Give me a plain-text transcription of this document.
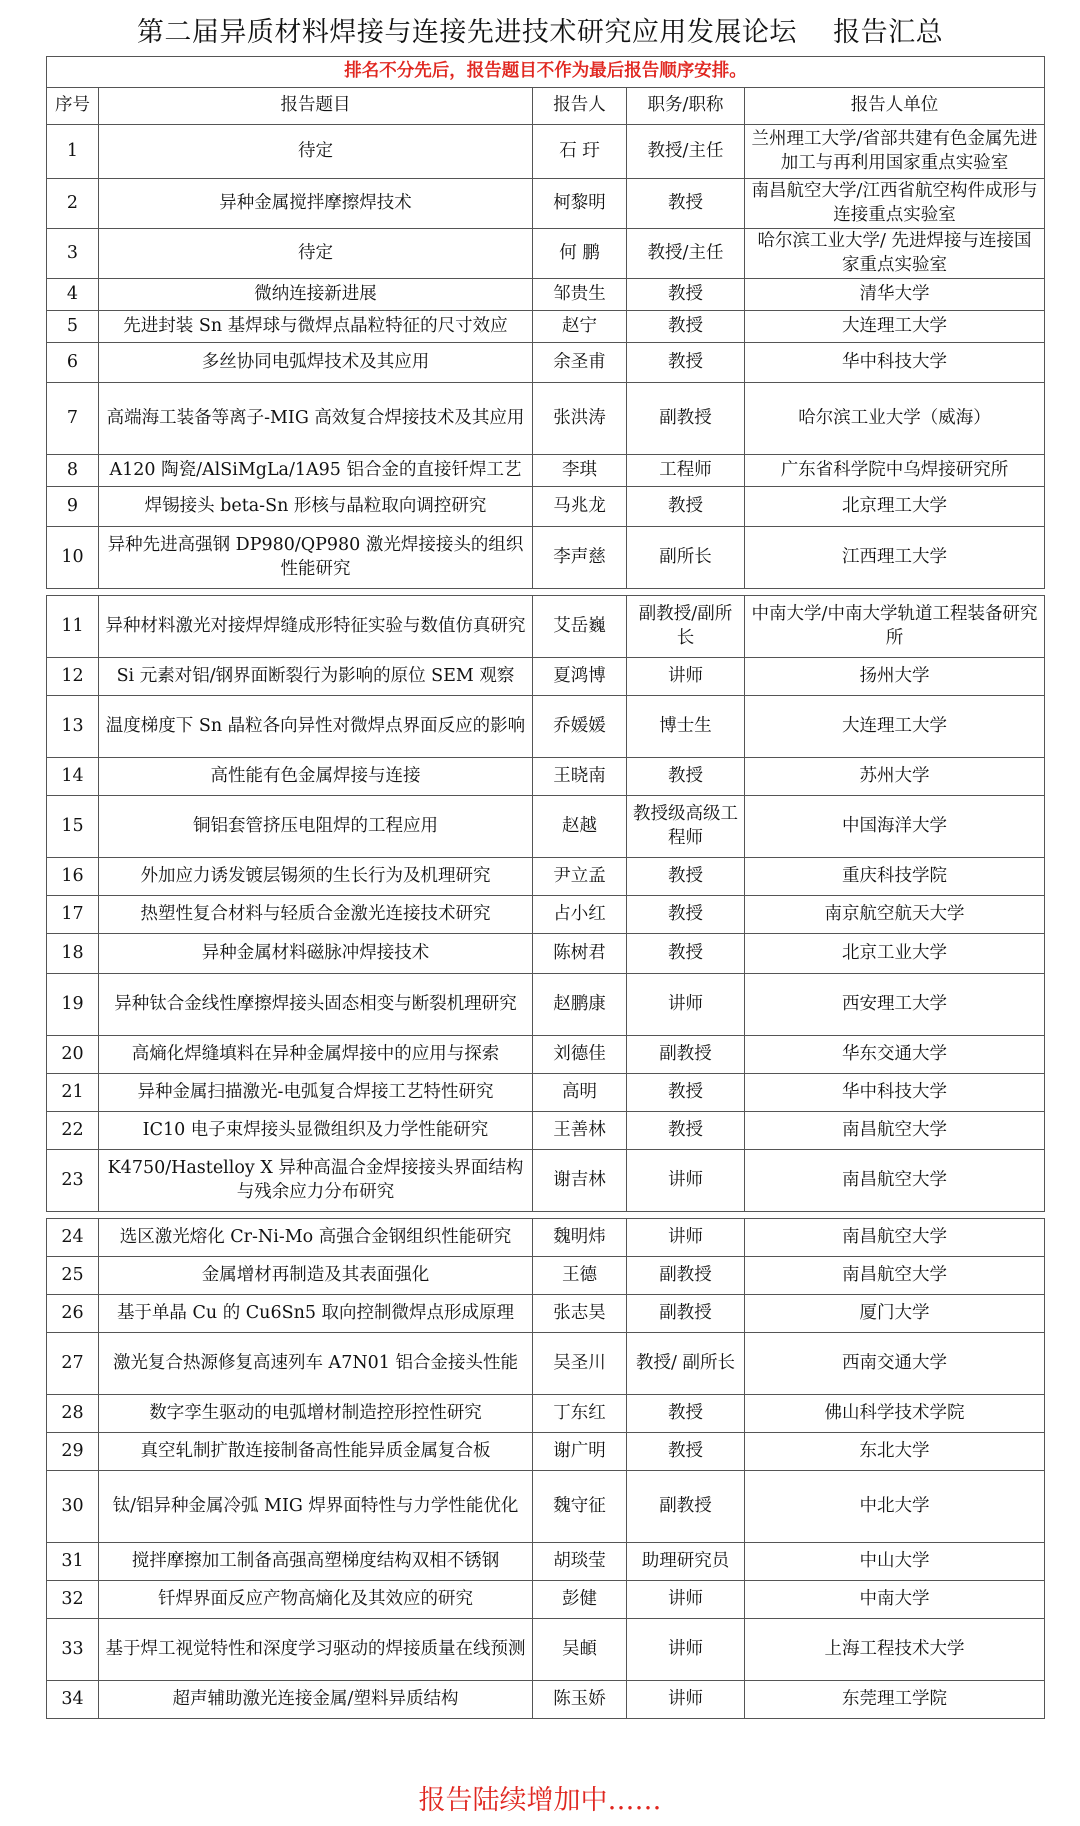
第二届异质材料焊接与连接先进技术研究应用发展论坛    报告汇总
排名不分先后，报告题目不作为最后报告顺序安排。				
序号	报告题目	报告人	职务/职称	报告人单位
1	待定	石 玗	教授/主任	兰州理工大学/省部共建有色金属先进加工与再利用国家重点实验室
2	异种金属搅拌摩擦焊技术	柯黎明	教授	南昌航空大学/江西省航空构件成形与连接重点实验室
3	待定	何 鹏	教授/主任	哈尔滨工业大学/ 先进焊接与连接国家重点实验室
4	微纳连接新进展	邹贵生	教授	清华大学
5	先进封装 Sn 基焊球与微焊点晶粒特征的尺寸效应	赵宁	教授	大连理工大学
6	多丝协同电弧焊技术及其应用	余圣甫	教授	华中科技大学
7	高端海工装备等离子-MIG 高效复合焊接技术及其应用	张洪涛	副教授	哈尔滨工业大学（威海）
8	A120 陶瓷/AlSiMgLa/1A95 铝合金的直接钎焊工艺	李琪	工程师	广东省科学院中乌焊接研究所
9	焊锡接头 beta-Sn 形核与晶粒取向调控研究	马兆龙	教授	北京理工大学
10	异种先进高强钢 DP980/QP980 激光焊接接头的组织性能研究	李声慈	副所长	江西理工大学

11	异种材料激光对接焊焊缝成形特征实验与数值仿真研究	艾岳巍	副教授/副所长	中南大学/中南大学轨道工程装备研究所
12	Si 元素对铝/钢界面断裂行为影响的原位 SEM 观察	夏鸿博	讲师	扬州大学
13	温度梯度下 Sn 晶粒各向异性对微焊点界面反应的影响	乔媛媛	博士生	大连理工大学
14	高性能有色金属焊接与连接	王晓南	教授	苏州大学
15	铜铝套管挤压电阻焊的工程应用	赵越	教授级高级工程师	中国海洋大学
16	外加应力诱发镀层锡须的生长行为及机理研究	尹立孟	教授	重庆科技学院
17	热塑性复合材料与轻质合金激光连接技术研究	占小红	教授	南京航空航天大学
18	异种金属材料磁脉冲焊接技术	陈树君	教授	北京工业大学
19	异种钛合金线性摩擦焊接头固态相变与断裂机理研究	赵鹏康	讲师	西安理工大学
20	高熵化焊缝填料在异种金属焊接中的应用与探索	刘德佳	副教授	华东交通大学
21	异种金属扫描激光-电弧复合焊接工艺特性研究	高明	教授	华中科技大学
22	IC10 电子束焊接头显微组织及力学性能研究	王善林	教授	南昌航空大学
23	K4750/Hastelloy X 异种高温合金焊接接头界面结构与残余应力分布研究	谢吉林	讲师	南昌航空大学

24	选区激光熔化 Cr-Ni-Mo 高强合金钢组织性能研究	魏明炜	讲师	南昌航空大学
25	金属增材再制造及其表面强化	王德	副教授	南昌航空大学
26	基于单晶 Cu 的 Cu6Sn5 取向控制微焊点形成原理	张志昊	副教授	厦门大学
27	激光复合热源修复高速列车 A7N01 铝合金接头性能	吴圣川	教授/ 副所长	西南交通大学
28	数字孪生驱动的电弧增材制造控形控性研究	丁东红	教授	佛山科学技术学院
29	真空轧制扩散连接制备高性能异质金属复合板	谢广明	教授	东北大学
30	钛/铝异种金属冷弧 MIG 焊界面特性与力学性能优化	魏守征	副教授	中北大学
31	搅拌摩擦加工制备高强高塑梯度结构双相不锈钢	胡琰莹	助理研究员	中山大学
32	钎焊界面反应产物高熵化及其效应的研究	彭健	讲师	中南大学
33	基于焊工视觉特性和深度学习驱动的焊接质量在线预测	吴頔	讲师	上海工程技术大学
34	超声辅助激光连接金属/塑料异质结构	陈玉娇	讲师	东莞理工学院
报告陆续增加中……
